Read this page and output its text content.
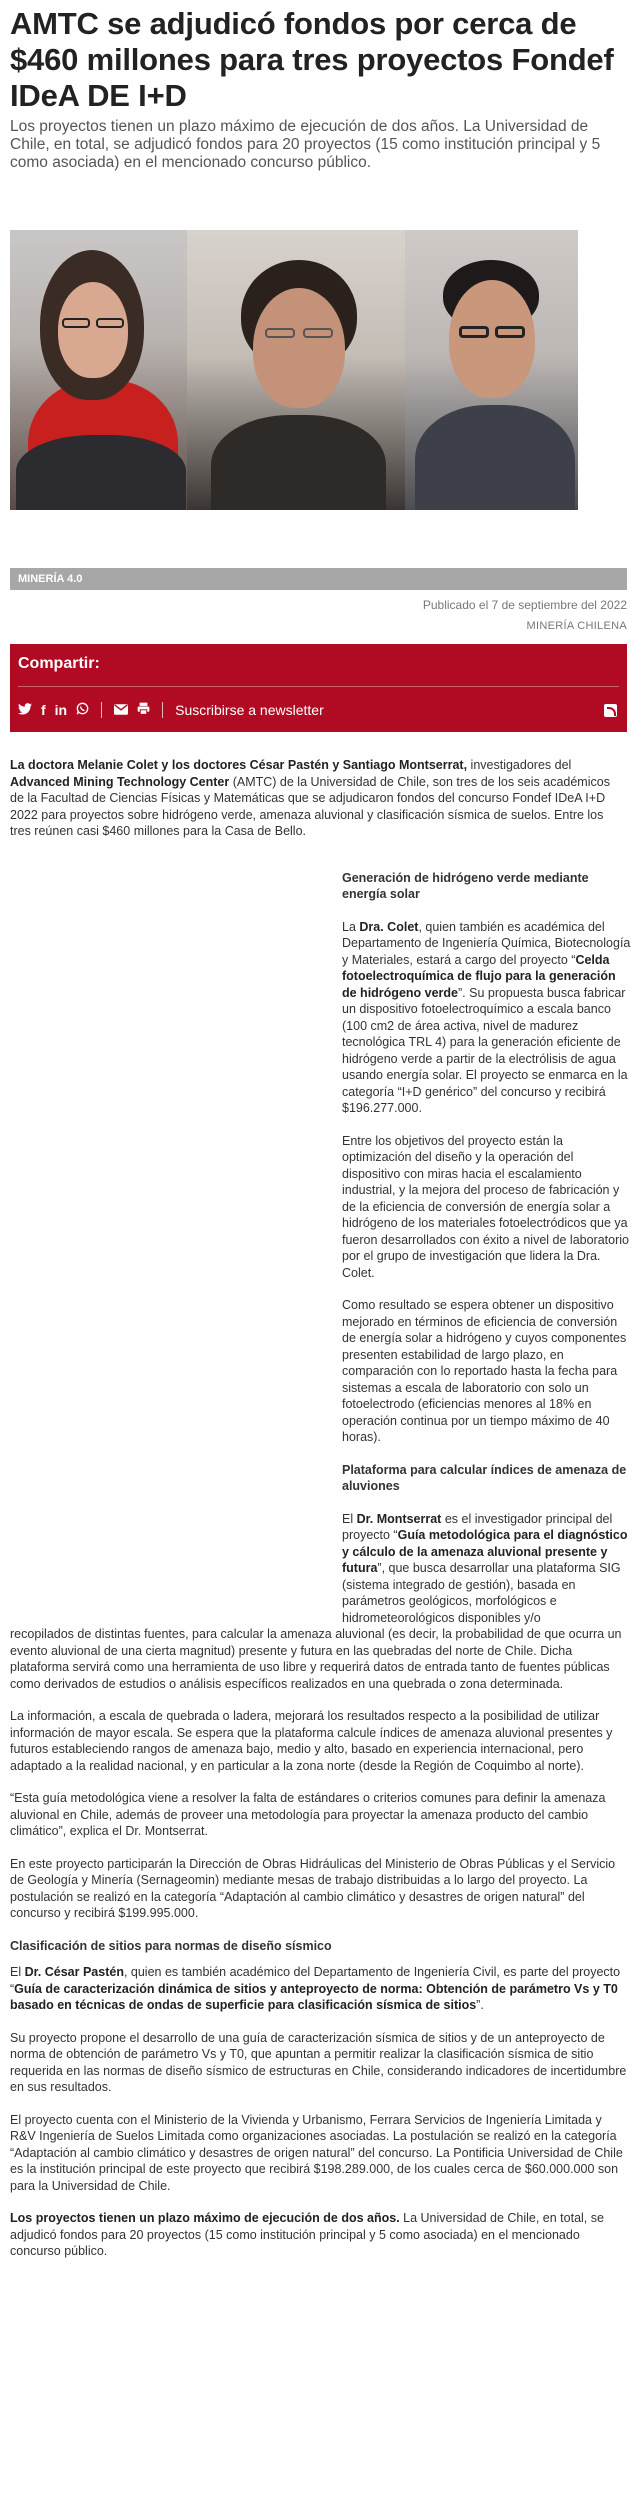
AMTC se adjudicó fondos por cerca de $460 millones para tres proyectos Fondef IDeA DE I+D

Los proyectos tienen un plazo máximo de ejecución de dos años. La Universidad de Chile, en total, se adjudicó fondos para 20 proyectos (15 como institución principal y 5 como asociada) en el mencionado concurso público.

MINERÍA 4.0
Publicado el 7 de septiembre del 2022
MINERÍA CHILENA
Compartir:
f in	Suscribirse a newsletter

La doctora Melanie Colet y los doctores César Pastén y Santiago Montserrat, investigadores del Advanced Mining Technology Center (AMTC) de la Universidad de Chile, son tres de los seis académicos de la Facultad de Ciencias Físicas y Matemáticas que se adjudicaron fondos del concurso Fondef IDeA I+D 2022 para proyectos sobre hidrógeno verde, amenaza aluvional y clasificación sísmica de suelos. Entre los tres reúnen casi $460 millones para la Casa de Bello.

Generación de hidrógeno verde mediante energía solar

La Dra. Colet, quien también es académica del Departamento de Ingeniería Química, Biotecnología y Materiales, estará a cargo del proyecto “Celda fotoelectroquímica de flujo para la generación de hidrógeno verde”. Su propuesta busca fabricar un dispositivo fotoelectroquímico a escala banco (100 cm2 de área activa, nivel de madurez tecnológica TRL 4) para la generación eficiente de hidrógeno verde a partir de la electrólisis de agua usando energía solar. El proyecto se enmarca en la categoría “I+D genérico” del concurso y recibirá $196.277.000.

Entre los objetivos del proyecto están la optimización del diseño y la operación del dispositivo con miras hacia el escalamiento industrial, y la mejora del proceso de fabricación y de la eficiencia de conversión de energía solar a hidrógeno de los materiales fotoelectródicos que ya fueron desarrollados con éxito a nivel de laboratorio por el grupo de investigación que lidera la Dra. Colet.

Como resultado se espera obtener un dispositivo mejorado en términos de eficiencia de conversión de energía solar a hidrógeno y cuyos componentes presenten estabilidad de largo plazo, en comparación con lo reportado hasta la fecha para sistemas a escala de laboratorio con solo un fotoelectrodo (eficiencias menores al 18% en operación continua por un tiempo máximo de 40 horas).

Plataforma para calcular índices de amenaza de aluviones

El Dr. Montserrat es el investigador principal del proyecto “Guía metodológica para el diagnóstico y cálculo de la amenaza aluvional presente y futura”, que busca desarrollar una plataforma SIG (sistema integrado de gestión), basada en parámetros geológicos, morfológicos e hidrometeorológicos disponibles y/o

recopilados de distintas fuentes, para calcular la amenaza aluvional (es decir, la probabilidad de que ocurra un evento aluvional de una cierta magnitud) presente y futura en las quebradas del norte de Chile. Dicha plataforma servirá como una herramienta de uso libre y requerirá datos de entrada tanto de fuentes públicas como derivados de estudios o análisis específicos realizados en una quebrada o zona determinada.

La información, a escala de quebrada o ladera, mejorará los resultados respecto a la posibilidad de utilizar información de mayor escala. Se espera que la plataforma calcule índices de amenaza aluvional presentes y futuros estableciendo rangos de amenaza bajo, medio y alto, basado en experiencia internacional, pero adaptado a la realidad nacional, y en particular a la zona norte (desde la Región de Coquimbo al norte).

“Esta guía metodológica viene a resolver la falta de estándares o criterios comunes para definir la amenaza aluvional en Chile, además de proveer una metodología para proyectar la amenaza producto del cambio climático”, explica el Dr. Montserrat.

En este proyecto participarán la Dirección de Obras Hidráulicas del Ministerio de Obras Públicas y el Servicio de Geología y Minería (Sernageomin) mediante mesas de trabajo distribuidas a lo largo del proyecto. La postulación se realizó en la categoría “Adaptación al cambio climático y desastres de origen natural” del concurso y recibirá $199.995.000.

Clasificación de sitios para normas de diseño sísmico

El Dr. César Pastén, quien es también académico del Departamento de Ingeniería Civil, es parte del proyecto “Guía de caracterización dinámica de sitios y anteproyecto de norma: Obtención de parámetro Vs y T0 basado en técnicas de ondas de superficie para clasificación sísmica de sitios”.

Su proyecto propone el desarrollo de una guía de caracterización sísmica de sitios y de un anteproyecto de norma de obtención de parámetro Vs y T0, que apuntan a permitir realizar la clasificación sísmica de sitio requerida en las normas de diseño sísmico de estructuras en Chile, considerando indicadores de incertidumbre en sus resultados.

El proyecto cuenta con el Ministerio de la Vivienda y Urbanismo, Ferrara Servicios de Ingeniería Limitada y R&V Ingeniería de Suelos Limitada como organizaciones asociadas. La postulación se realizó en la categoría “Adaptación al cambio climático y desastres de origen natural” del concurso. La Pontificia Universidad de Chile es la institución principal de este proyecto que recibirá $198.289.000, de los cuales cerca de $60.000.000 son para la Universidad de Chile.

Los proyectos tienen un plazo máximo de ejecución de dos años. La Universidad de Chile, en total, se adjudicó fondos para 20 proyectos (15 como institución principal y 5 como asociada) en el mencionado concurso público.
